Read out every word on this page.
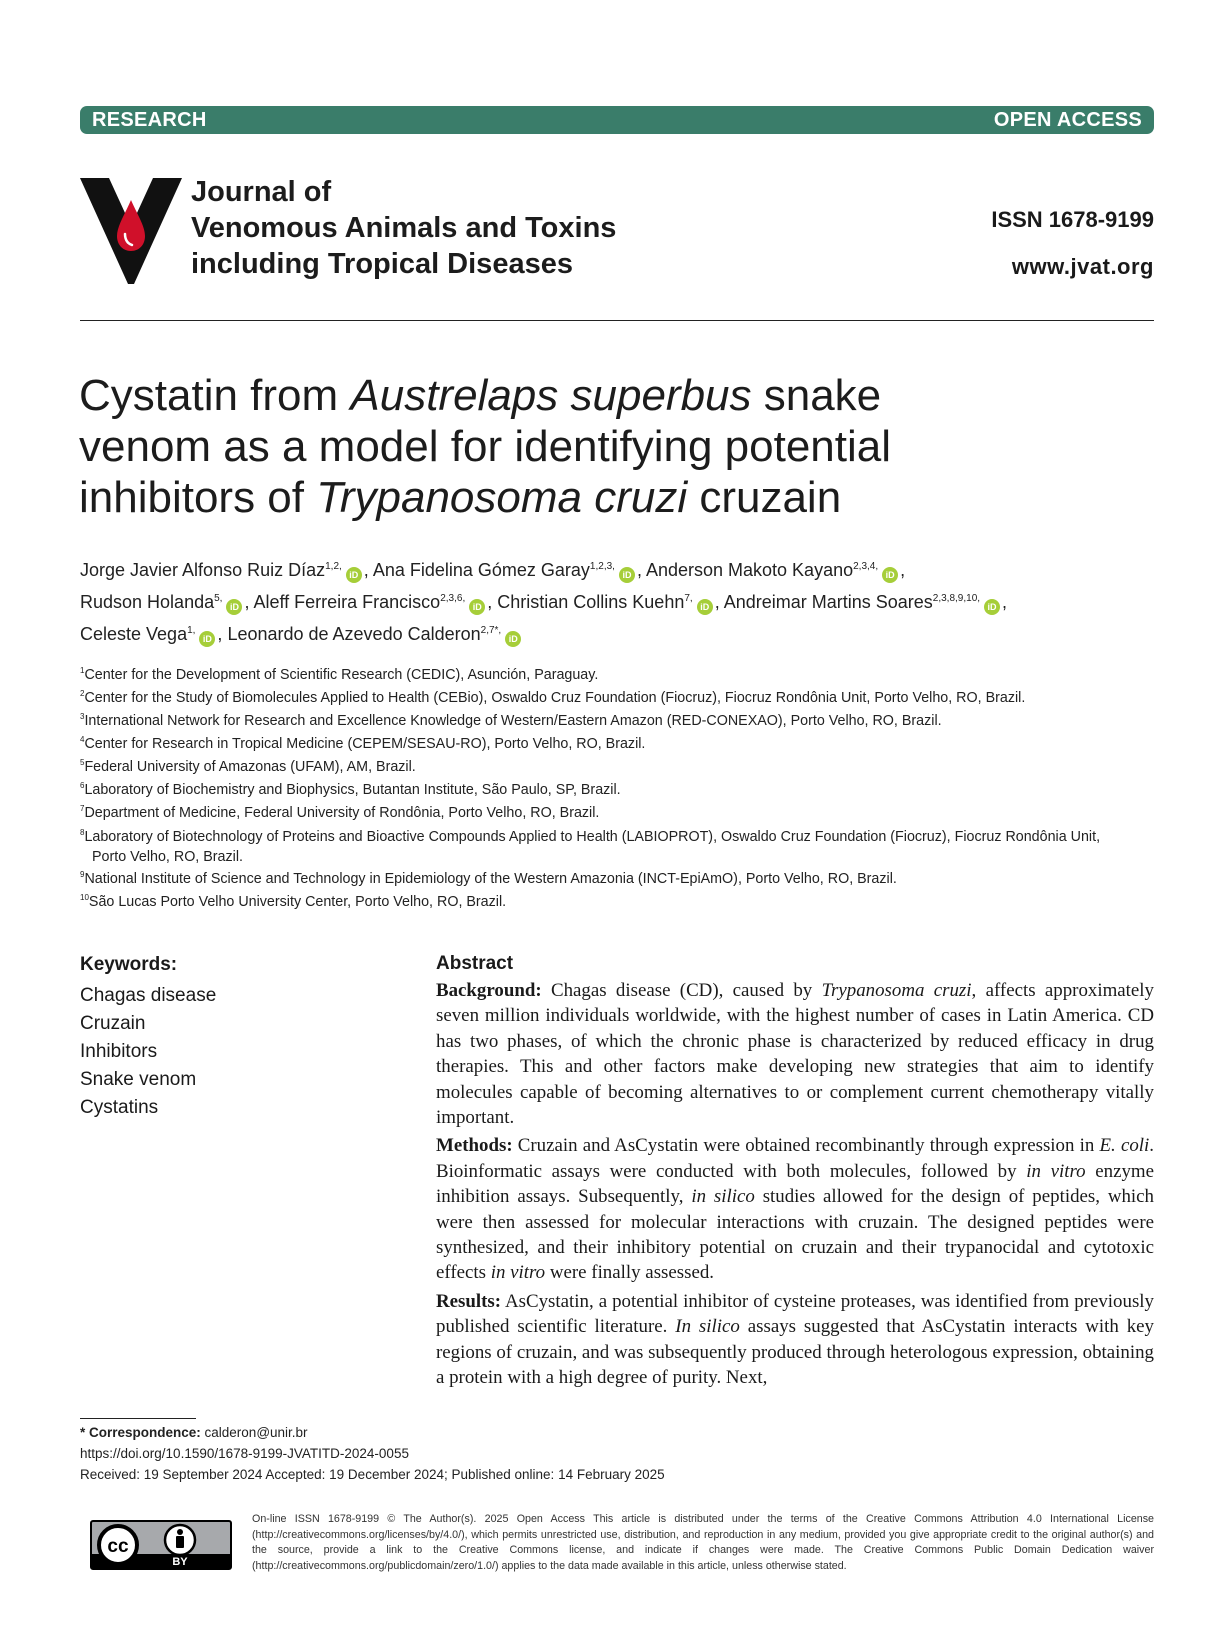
RESEARCH	OPEN ACCESS
Journal of
Venomous Animals and Toxins
including Tropical Diseases
ISSN 1678-9199
www.jvat.org
Cystatin from Austrelaps superbus snake
venom as a model for identifying potential
inhibitors of Trypanosoma cruzi cruzain
Jorge Javier Alfonso Ruiz Díaz$^{1,2,}$iD , Ana Fidelina Gómez Garay$^{1,2,3,}$iD , Anderson Makoto Kayano$^{2,3,4,}$iD ,
Rudson Holanda$^{5,}$iD , Aleff Ferreira Francisco$^{2,3,6,}$iD , Christian Collins Kuehn$^{7,}$iD , Andreimar Martins Soares$^{2,3,8,9,10,}$iD ,
Celeste Vega$^{1,}$iD , Leonardo de Azevedo Calderon$^{2,7*,}$iD
$^1$Center for the Development of Scientific Research (CEDIC), Asunción, Paraguay.
$^2$Center for the Study of Biomolecules Applied to Health (CEBio), Oswaldo Cruz Foundation (Fiocruz), Fiocruz Rondônia Unit, Porto Velho, RO, Brazil.
$^3$International Network for Research and Excellence Knowledge of Western/Eastern Amazon (RED-CONEXAO), Porto Velho, RO, Brazil.
$^4$Center for Research in Tropical Medicine (CEPEM/SESAU-RO), Porto Velho, RO, Brazil.
$^5$Federal University of Amazonas (UFAM), AM, Brazil.
$^6$Laboratory of Biochemistry and Biophysics, Butantan Institute, São Paulo, SP, Brazil.
$^7$Department of Medicine, Federal University of Rondônia, Porto Velho, RO, Brazil.
$^8$Laboratory of Biotechnology of Proteins and Bioactive Compounds Applied to Health (LABIOPROT), Oswaldo Cruz Foundation (Fiocruz), Fiocruz Rondônia Unit, Porto Velho, RO, Brazil.
$^9$National Institute of Science and Technology in Epidemiology of the Western Amazonia (INCT-EpiAmO), Porto Velho, RO, Brazil.
$^{10}$São Lucas Porto Velho University Center, Porto Velho, RO, Brazil.
Keywords:
Chagas disease
Cruzain
Inhibitors
Snake venom
Cystatins
Abstract

Background: Chagas disease (CD), caused by Trypanosoma cruzi, affects approximately seven million individuals worldwide, with the highest number of cases in Latin America. CD has two phases, of which the chronic phase is characterized by reduced efficacy in drug therapies. This and other factors make developing new strategies that aim to identify molecules capable of becoming alternatives to or complement current chemotherapy vitally important.

Methods: Cruzain and AsCystatin were obtained recombinantly through expression in E. coli. Bioinformatic assays were conducted with both molecules, followed by in vitro enzyme inhibition assays. Subsequently, in silico studies allowed for the design of peptides, which were then assessed for molecular interactions with cruzain. The designed peptides were synthesized, and their inhibitory potential on cruzain and their trypanocidal and cytotoxic effects in vitro were finally assessed.

Results: AsCystatin, a potential inhibitor of cysteine proteases, was identified from previously published scientific literature. In silico assays suggested that AsCystatin interacts with key regions of cruzain, and was subsequently produced through heterologous expression, obtaining a protein with a high degree of purity. Next,

* Correspondence: calderon@unir.br
https://doi.org/10.1590/1678-9199-JVATITD-2024-0055
Received: 19 September 2024 Accepted: 19 December 2024; Published online: 14 February 2025
cc
BY
On-line ISSN 1678-9199 © The Author(s). 2025 Open Access This article is distributed under the terms of the Creative Commons Attribution 4.0 International License (http://creativecommons.org/licenses/by/4.0/), which permits unrestricted use, distribution, and reproduction in any medium, provided you give appropriate credit to the original author(s) and the source, provide a link to the Creative Commons license, and indicate if changes were made. The Creative Commons Public Domain Dedication waiver (http://creativecommons.org/publicdomain/zero/1.0/) applies to the data made available in this article, unless otherwise stated.
